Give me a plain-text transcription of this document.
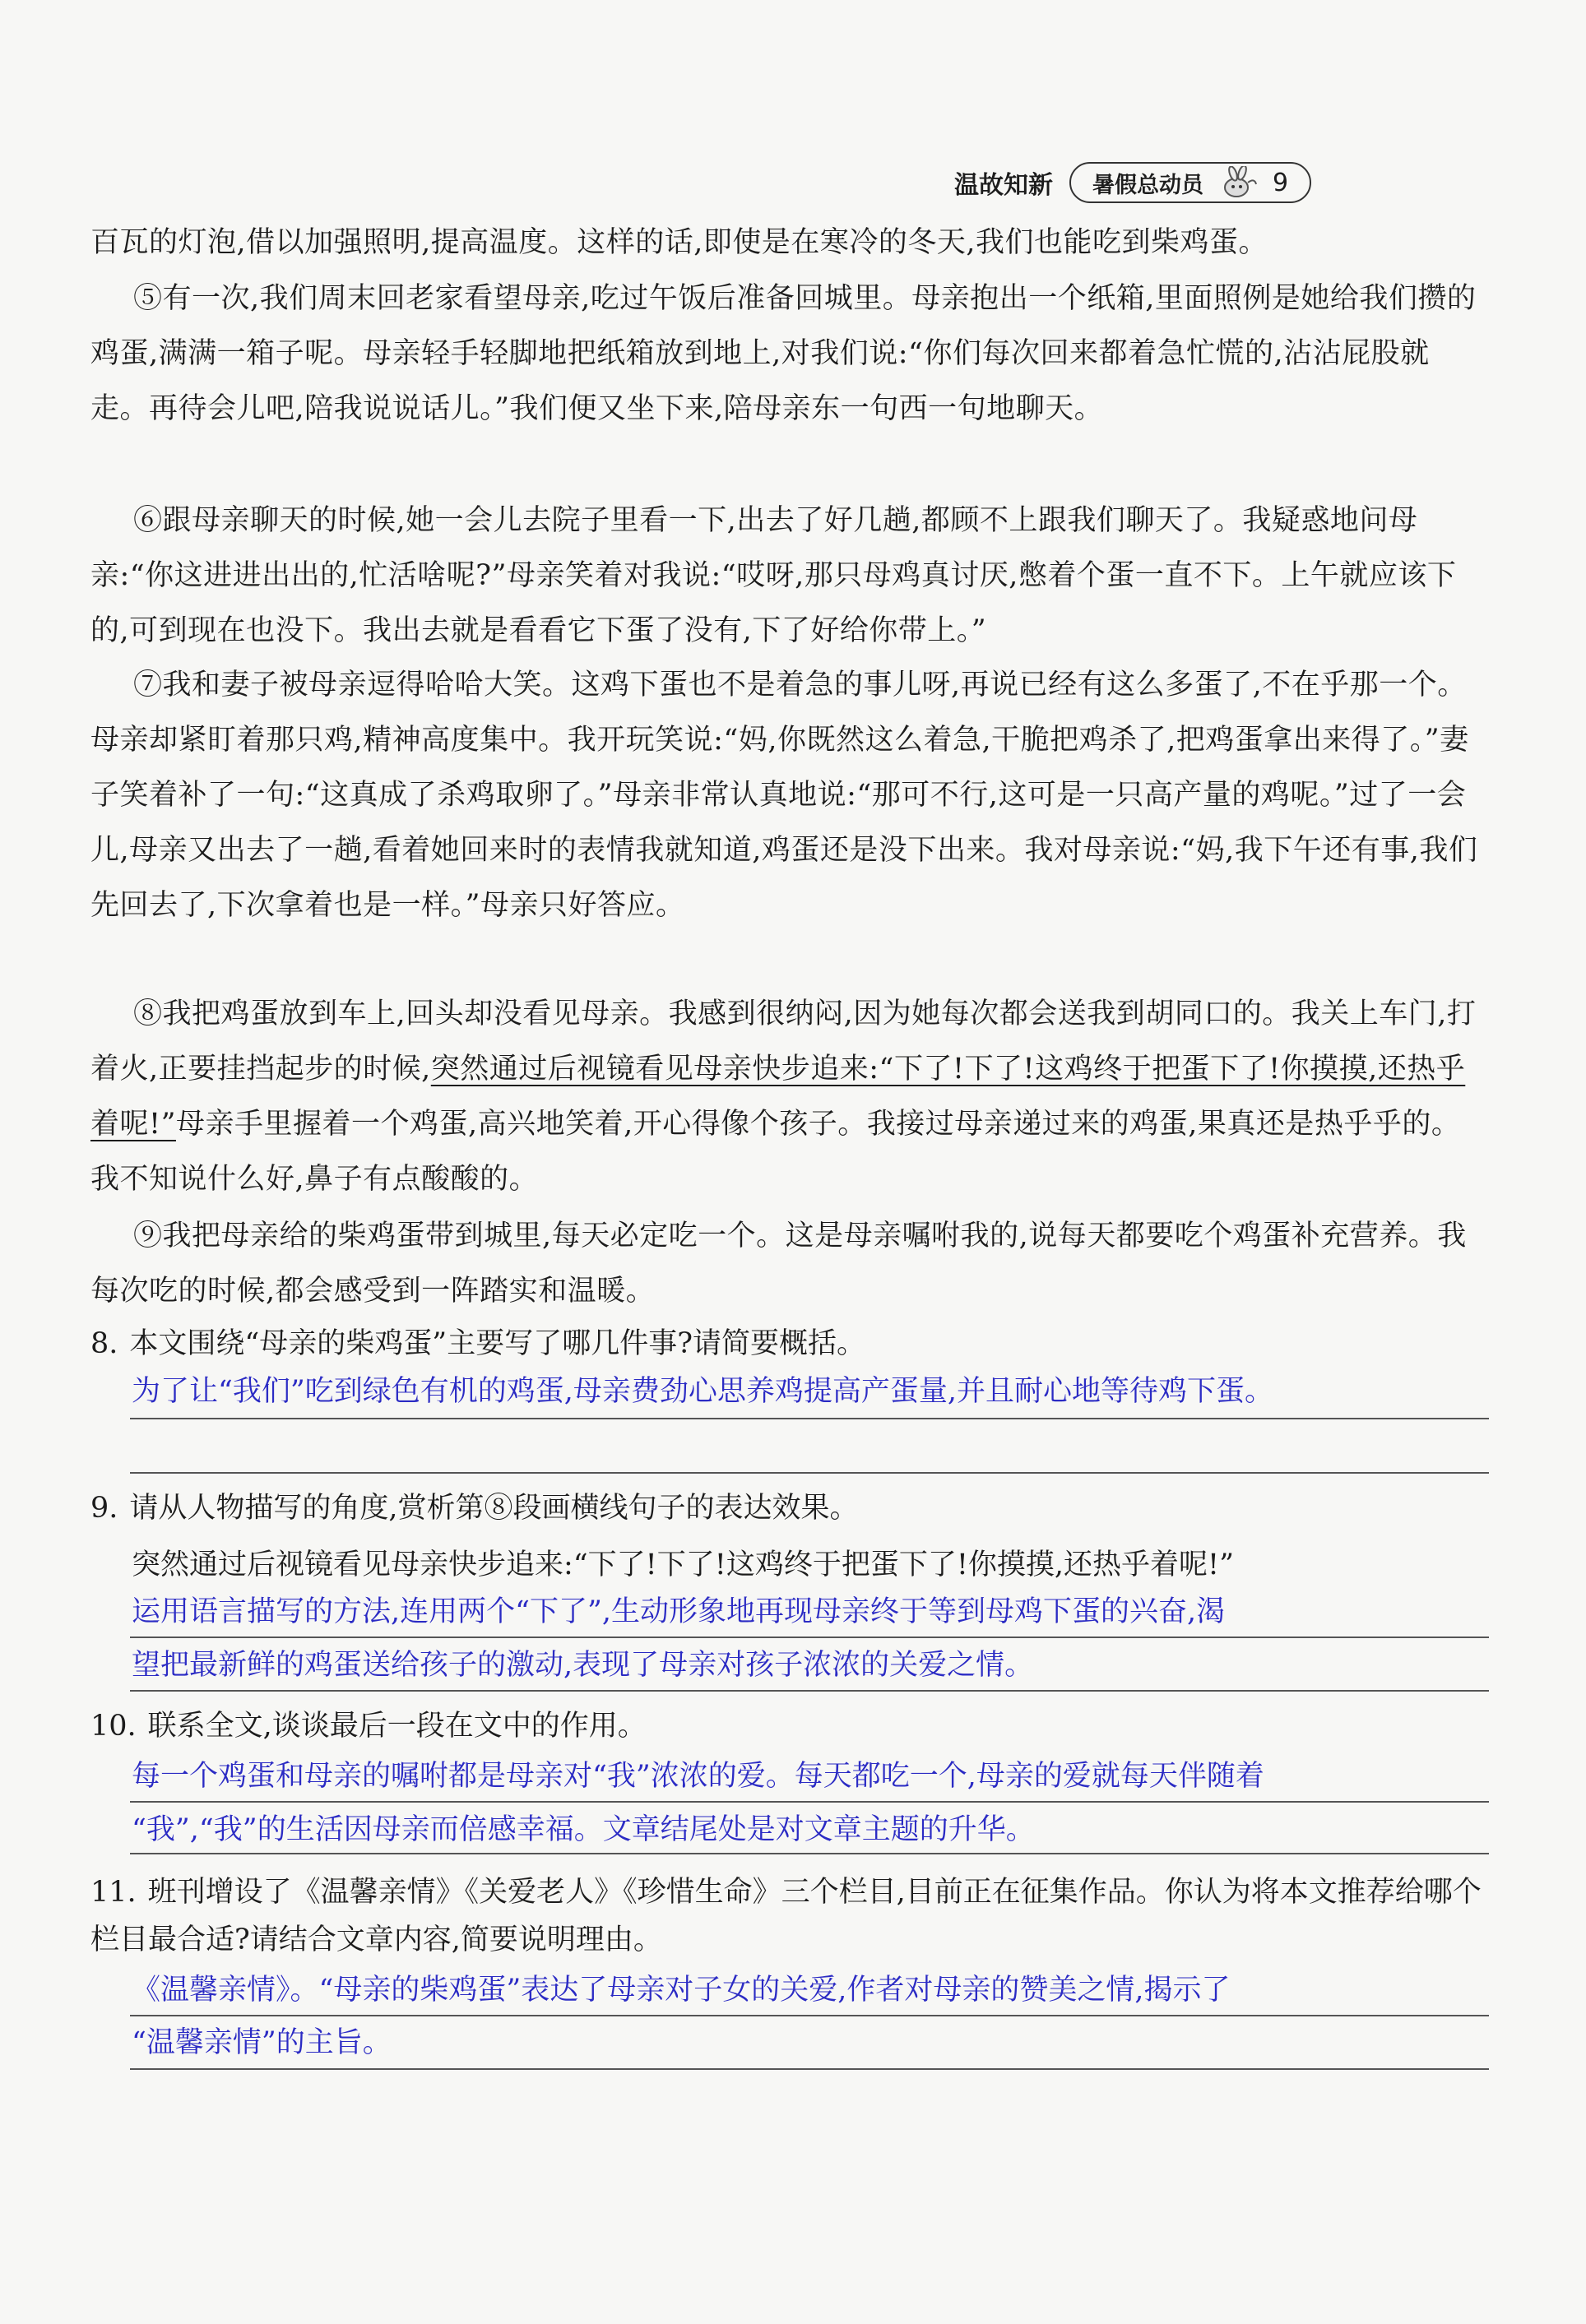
温故知新 暑假总动员	9

百瓦的灯泡,借以加强照明,提高温度。这样的话,即使是在寒冷的冬天,我们也能吃到柴鸡蛋。

⑤有一次,我们周末回老家看望母亲,吃过午饭后准备回城里。母亲抱出一个纸箱,里面照例是她给我们攒的鸡蛋,满满一箱子呢。母亲轻手轻脚地把纸箱放到地上,对我们说:“你们每次回来都着急忙慌的,沾沾屁股就走。再待会儿吧,陪我说说话儿。”我们便又坐下来,陪母亲东一句西一句地聊天。

⑥跟母亲聊天的时候,她一会儿去院子里看一下,出去了好几趟,都顾不上跟我们聊天了。我疑惑地问母亲:“你这进进出出的,忙活啥呢?”母亲笑着对我说:“哎呀,那只母鸡真讨厌,憋着个蛋一直不下。上午就应该下的,可到现在也没下。我出去就是看看它下蛋了没有,下了好给你带上。”

⑦我和妻子被母亲逗得哈哈大笑。这鸡下蛋也不是着急的事儿呀,再说已经有这么多蛋了,不在乎那一个。母亲却紧盯着那只鸡,精神高度集中。我开玩笑说:“妈,你既然这么着急,干脆把鸡杀了,把鸡蛋拿出来得了。”妻子笑着补了一句:“这真成了杀鸡取卵了。”母亲非常认真地说:“那可不行,这可是一只高产量的鸡呢。”过了一会儿,母亲又出去了一趟,看着她回来时的表情我就知道,鸡蛋还是没下出来。我对母亲说:“妈,我下午还有事,我们先回去了,下次拿着也是一样。”母亲只好答应。

⑧我把鸡蛋放到车上,回头却没看见母亲。我感到很纳闷,因为她每次都会送我到胡同口的。我关上车门,打着火,正要挂挡起步的时候,突然通过后视镜看见母亲快步追来:“下了!下了!这鸡终于把蛋下了!你摸摸,还热乎着呢!”母亲手里握着一个鸡蛋,高兴地笑着,开心得像个孩子。我接过母亲递过来的鸡蛋,果真还是热乎乎的。我不知说什么好,鼻子有点酸酸的。

⑨我把母亲给的柴鸡蛋带到城里,每天必定吃一个。这是母亲嘱咐我的,说每天都要吃个鸡蛋补充营养。我每次吃的时候,都会感受到一阵踏实和温暖。

8. 本文围绕“母亲的柴鸡蛋”主要写了哪几件事?请简要概括。

为了让“我们”吃到绿色有机的鸡蛋,母亲费劲心思养鸡提高产蛋量,并且耐心地等待鸡下蛋。

9. 请从人物描写的角度,赏析第⑧段画横线句子的表达效果。

突然通过后视镜看见母亲快步追来:“下了!下了!这鸡终于把蛋下了!你摸摸,还热乎着呢!”
运用语言描写的方法,连用两个“下了”,生动形象地再现母亲终于等到母鸡下蛋的兴奋,渴
望把最新鲜的鸡蛋送给孩子的激动,表现了母亲对孩子浓浓的关爱之情。

10. 联系全文,谈谈最后一段在文中的作用。

每一个鸡蛋和母亲的嘱咐都是母亲对“我”浓浓的爱。每天都吃一个,母亲的爱就每天伴随着
“我”,“我”的生活因母亲而倍感幸福。文章结尾处是对文章主题的升华。

11. 班刊增设了《温馨亲情》《关爱老人》《珍惜生命》三个栏目,目前正在征集作品。你认为将本文推荐给哪个栏目最合适?请结合文章内容,简要说明理由。

《温馨亲情》。“母亲的柴鸡蛋”表达了母亲对子女的关爱,作者对母亲的赞美之情,揭示了
“温馨亲情”的主旨。
